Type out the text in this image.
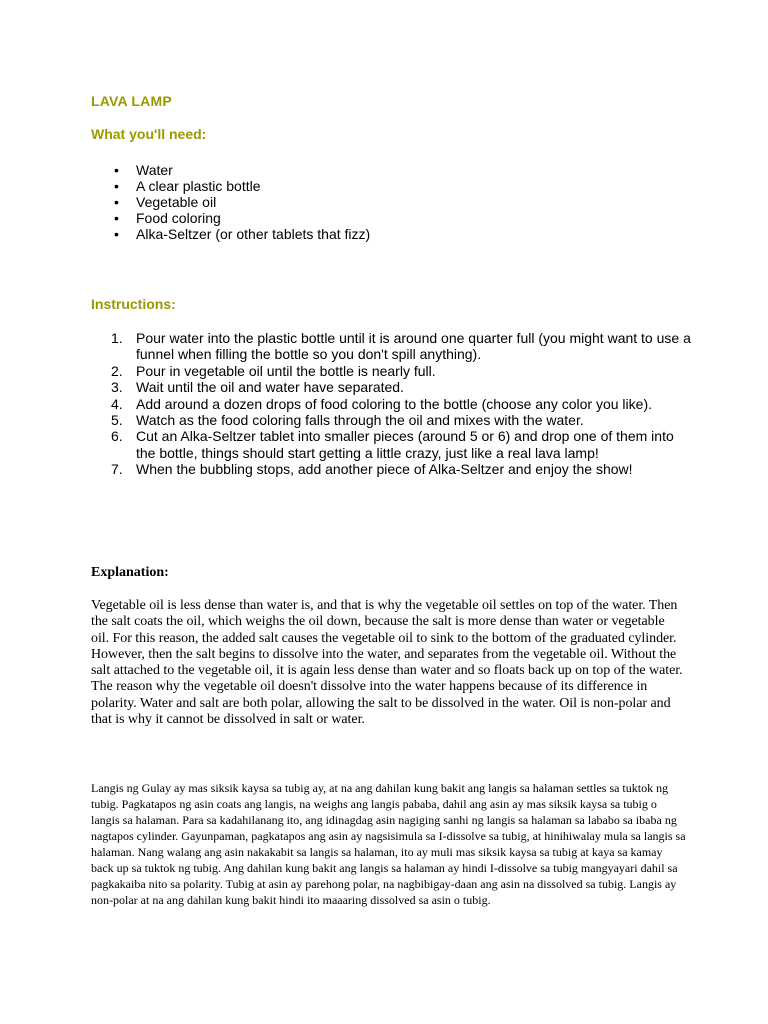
LAVA LAMP
What you'll need:
• Water
• A clear plastic bottle
• Vegetable oil
• Food coloring
• Alka-Seltzer (or other tablets that fizz)
Instructions:
1. Pour water into the plastic bottle until it is around one quarter full (you might want to use a funnel when filling the bottle so you don't spill anything).
2. Pour in vegetable oil until the bottle is nearly full.
3. Wait until the oil and water have separated.
4. Add around a dozen drops of food coloring to the bottle (choose any color you like).
5. Watch as the food coloring falls through the oil and mixes with the water.
6. Cut an Alka-Seltzer tablet into smaller pieces (around 5 or 6) and drop one of them into the bottle, things should start getting a little crazy, just like a real lava lamp!
7. When the bubbling stops, add another piece of Alka-Seltzer and enjoy the show!
Explanation:

Vegetable oil is less dense than water is, and that is why the vegetable oil settles on top of the water. Then the salt coats the oil, which weighs the oil down, because the salt is more dense than water or vegetable oil. For this reason, the added salt causes the vegetable oil to sink to the bottom of the graduated cylinder. However, then the salt begins to dissolve into the water, and separates from the vegetable oil. Without the salt attached to the vegetable oil, it is again less dense than water and so floats back up on top of the water. The reason why the vegetable oil doesn't dissolve into the water happens because of its difference in polarity. Water and salt are both polar, allowing the salt to be dissolved in the water. Oil is non-polar and that is why it cannot be dissolved in salt or water.

Langis ng Gulay ay mas siksik kaysa sa tubig ay, at na ang dahilan kung bakit ang langis sa halaman settles sa tuktok ng tubig. Pagkatapos ng asin coats ang langis, na weighs ang langis pababa, dahil ang asin ay mas siksik kaysa sa tubig o langis sa halaman. Para sa kadahilanang ito, ang idinagdag asin nagiging sanhi ng langis sa halaman sa lababo sa ibaba ng nagtapos cylinder. Gayunpaman, pagkatapos ang asin ay nagsisimula sa I-dissolve sa tubig, at hinihiwalay mula sa langis sa halaman. Nang walang ang asin nakakabit sa langis sa halaman, ito ay muli mas siksik kaysa sa tubig at kaya sa kamay back up sa tuktok ng tubig. Ang dahilan kung bakit ang langis sa halaman ay hindi I-dissolve sa tubig mangyayari dahil sa pagkakaiba nito sa polarity. Tubig at asin ay parehong polar, na nagbibigay-daan ang asin na dissolved sa tubig. Langis ay non-polar at na ang dahilan kung bakit hindi ito maaaring dissolved sa asin o tubig.
